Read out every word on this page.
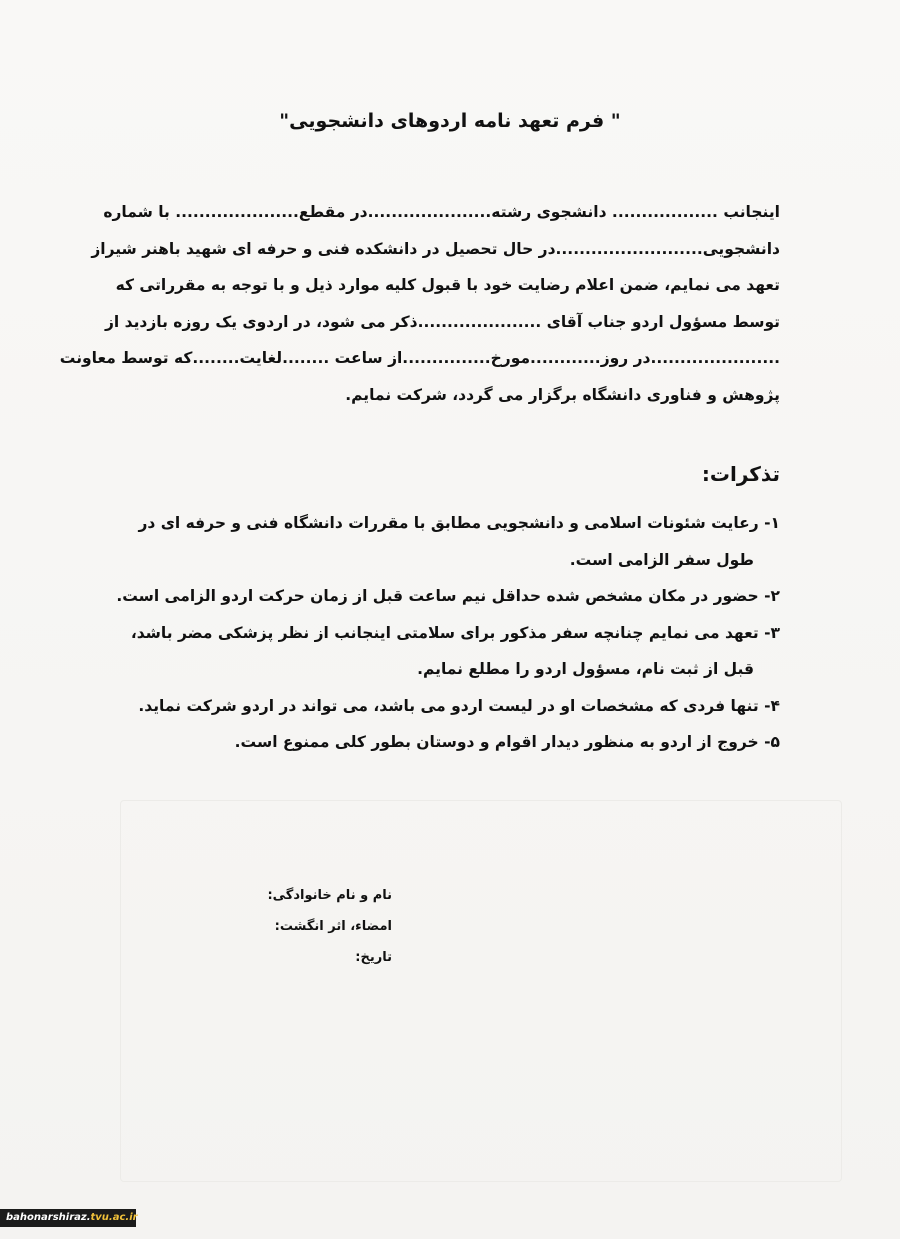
" فرم تعهد نامه اردوهای دانشجویی"
اینجانب .................. دانشجوی رشته.....................در مقطع..................... با شماره
دانشجویی.........................در حال تحصیل در دانشکده فنی و حرفه ای شهید باهنر شیراز
تعهد می نمایم، ضمن اعلام رضایت خود با قبول کلیه موارد ذیل و با توجه به مقرراتی که
توسط مسؤول اردو جناب آقای .....................ذکر می شود، در اردوی یک روزه بازدید از
......................در روز............مورخ...............از ساعت ........لغایت........که توسط معاونت
پژوهش و فناوری دانشگاه برگزار می گردد، شرکت نمایم.
تذکرات:
۱- رعایت شئونات اسلامی و دانشجویی مطابق با مقررات دانشگاه فنی و حرفه ای در
طول سفر الزامی است.
۲- حضور در مکان مشخص شده حداقل نیم ساعت قبل از زمان حرکت اردو الزامی است.
۳- تعهد می نمایم چنانچه سفر مذکور برای سلامتی اینجانب از نظر پزشکی مضر باشد،
قبل از ثبت نام، مسؤول اردو را مطلع نمایم.
۴- تنها فردی که مشخصات او در لیست اردو می باشد، می تواند در اردو شرکت نماید.
۵- خروج از اردو به منظور دیدار اقوام و دوستان بطور کلی ممنوع است.
نام و نام خانوادگی:
امضاء، اثر انگشت:
تاریخ:
bahonarshiraz.tvu.ac.ir
